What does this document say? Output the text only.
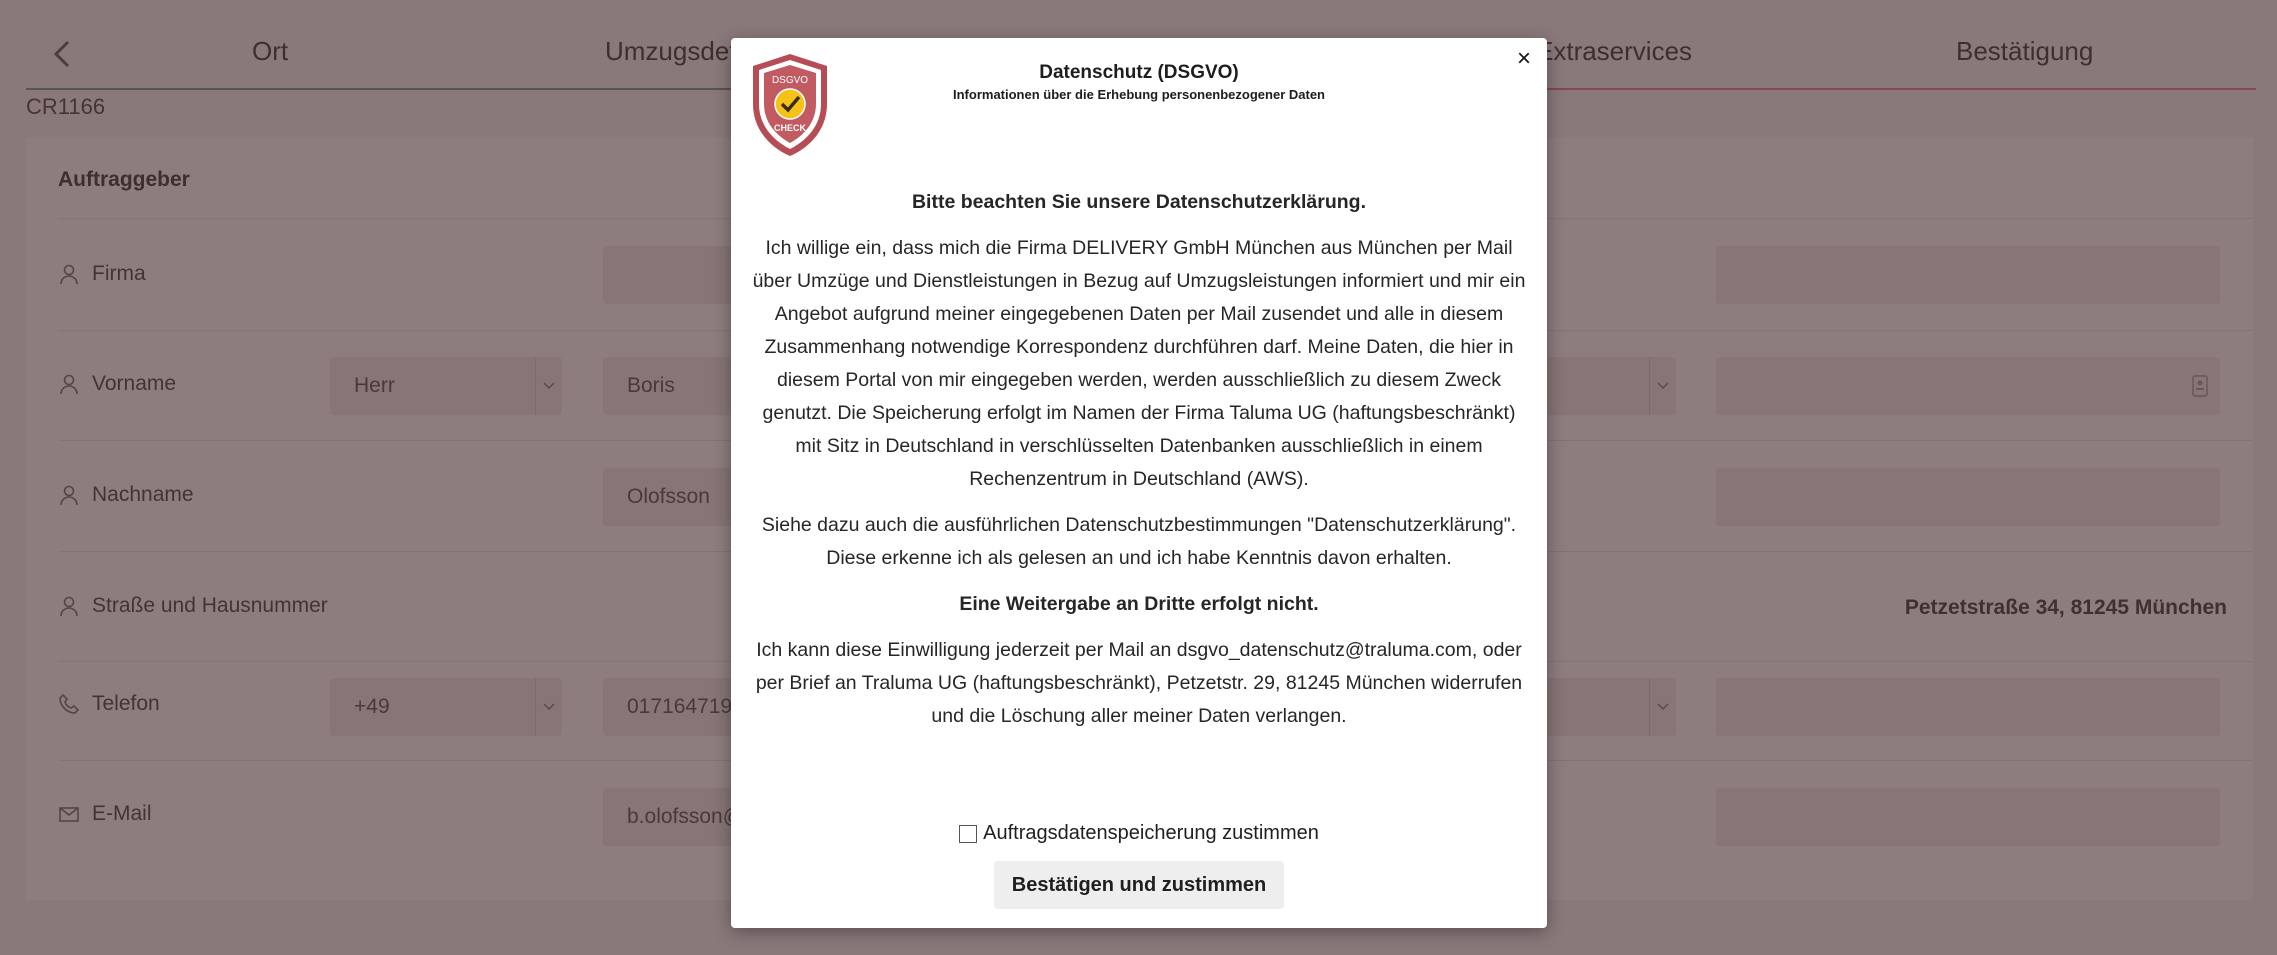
×
DSGVO
CHECK
Datenschutz (DSGVO)
Informationen über die Erhebung personenbezogener Daten

Bitte beachten Sie unsere Datenschutzerklärung.

Ich willige ein, dass mich die Firma DELIVERY GmbH München aus München per Mail über Umzüge und Dienstleistungen in Bezug auf Umzugsleistungen informiert und mir ein Angebot aufgrund meiner eingegebenen Daten per Mail zusendet und alle in diesem Zusammenhang notwendige Korrespondenz durchführen darf. Meine Daten, die hier in diesem Portal von mir eingegeben werden, werden ausschließlich zu diesem Zweck genutzt. Die Speicherung erfolgt im Namen der Firma Taluma UG (haftungsbeschränkt) mit Sitz in Deutschland in verschlüsselten Datenbanken ausschließlich in einem Rechenzentrum in Deutschland (AWS).

Siehe dazu auch die ausführlichen Datenschutzbestimmungen "Datenschutzerklärung". Diese erkenne ich als gelesen an und ich habe Kenntnis davon erhalten.

Eine Weitergabe an Dritte erfolgt nicht.

Ich kann diese Einwilligung jederzeit per Mail an dsgvo_datenschutz@traluma.com, oder per Brief an Traluma UG (haftungsbeschränkt), Petzetstr. 29, 81245 München widerrufen und die Löschung aller meiner Daten verlangen.

Auftragsdatenspeicherung zustimmen
Bestätigen und zustimmen
